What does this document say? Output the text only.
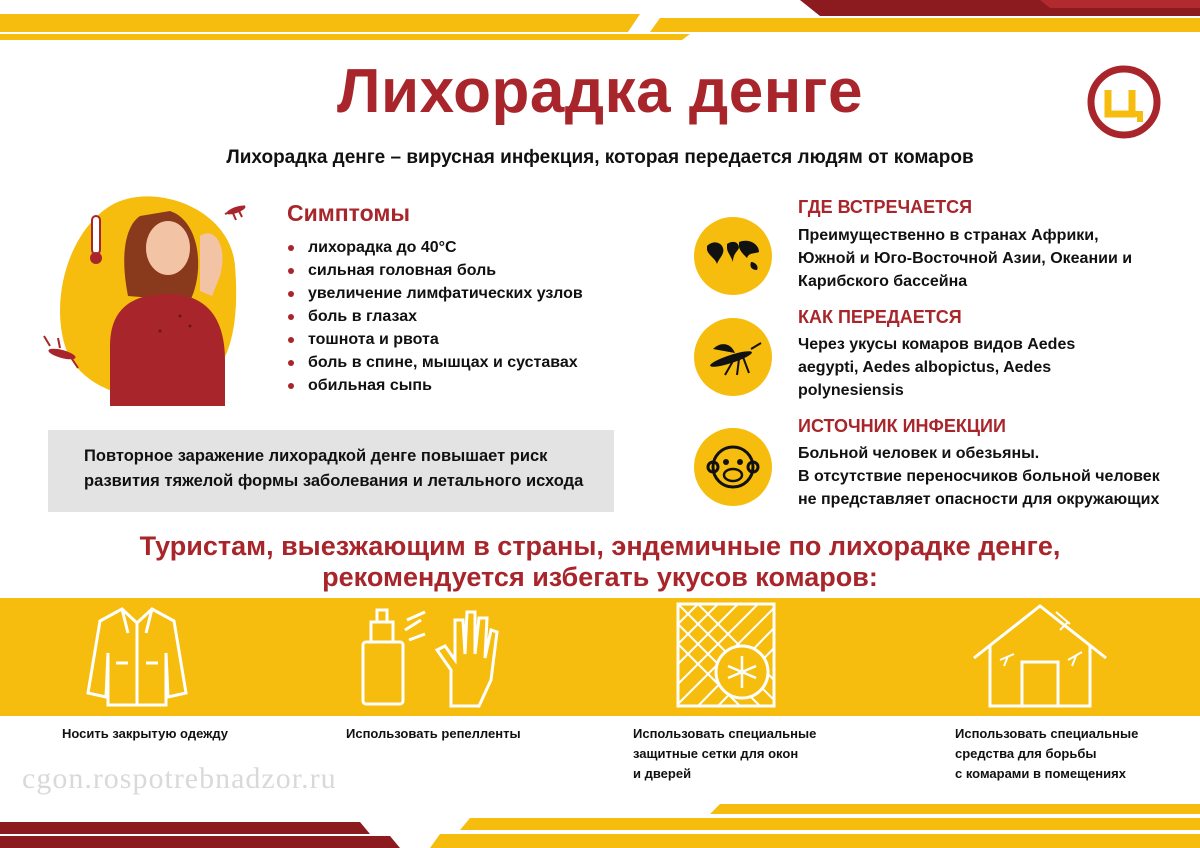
Лихорадка денге
Лихорадка денге – вирусная инфекция, которая передается людям от комаров
Симптомы
лихорадка до 40°С
сильная головная боль
увеличение лимфатических узлов
боль в глазах
тошнота и рвота
боль в спине, мышцах и суставах
обильная сыпь

Повторное заражение лихорадкой денге повышает риск

развития тяжелой формы заболевания и летального исхода

ГДЕ ВСТРЕЧАЕТСЯ
Преимущественно в странах Африки,
Южной и Юго-Восточной Азии, Океании и
Карибского бассейна
КАК ПЕРЕДАЕТСЯ
Через укусы комаров видов Aedes
aegypti, Aedes albopictus, Aedes
polynesiensis
ИСТОЧНИК ИНФЕКЦИИ
Больной человек и обезьяны.
В отсутствие переносчиков больной человек
не представляет опасности для окружающих
Туристам, выезжающим в страны, эндемичные по лихорадке денге,
рекомендуется избегать укусов комаров:
Носить закрытую одежду	Использовать репелленты	Использовать специальные
защитные сетки для окон
и дверей
Использовать специальные
средства для борьбы
с комарами в помещениях
cgon.rospotrebnadzor.ru
